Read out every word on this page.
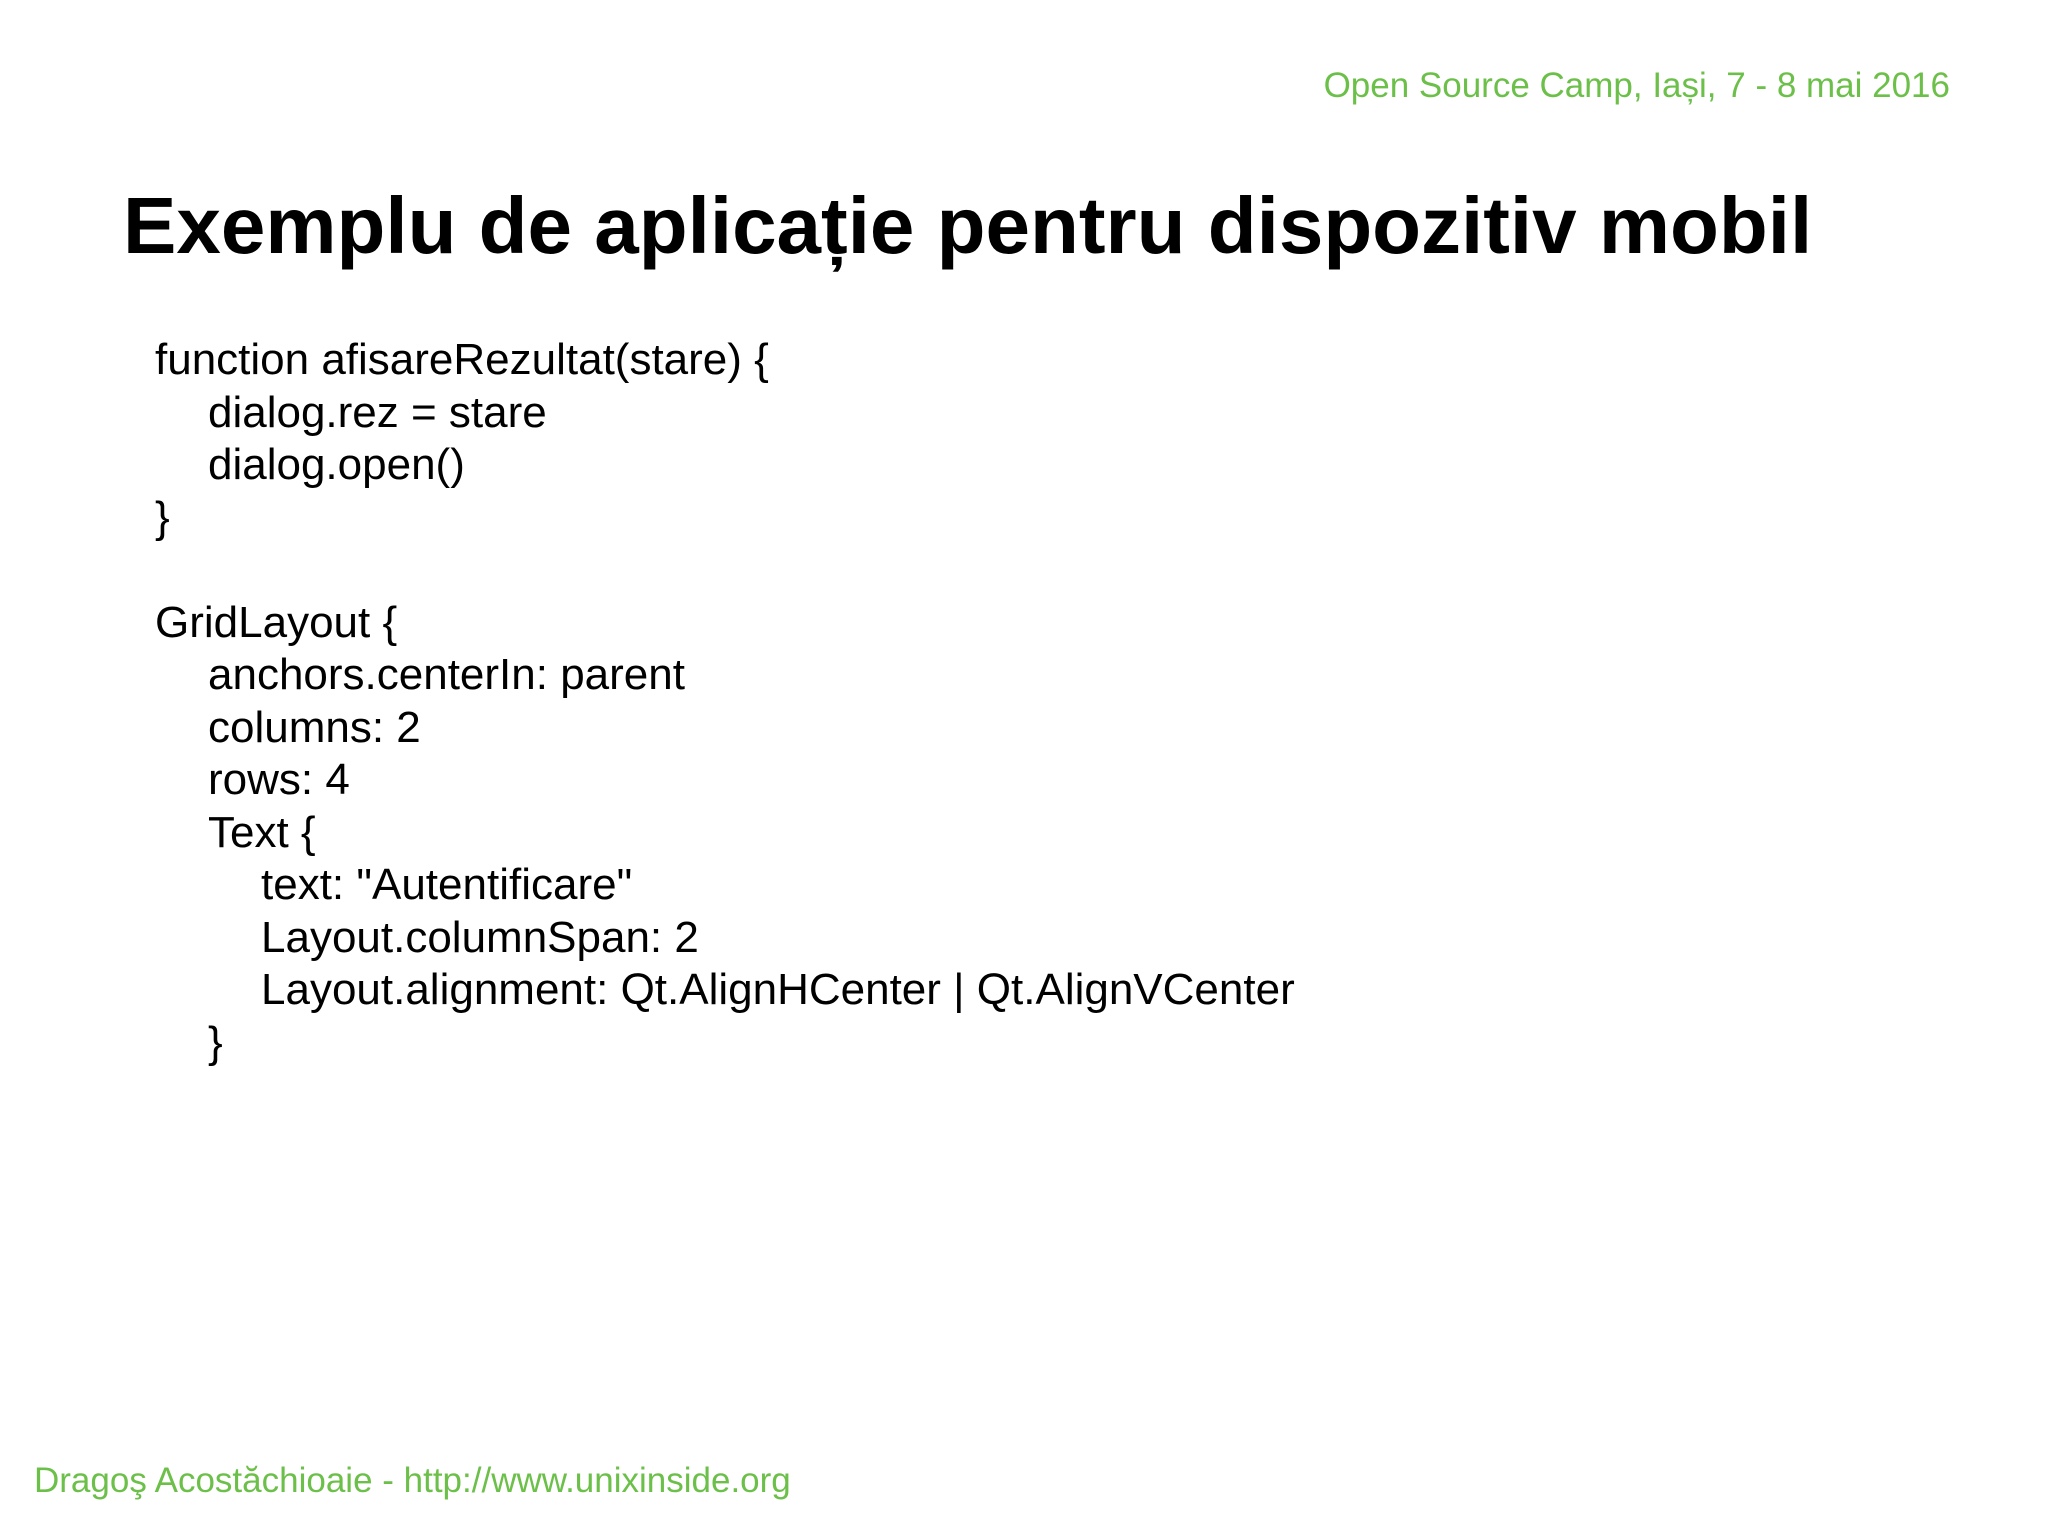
Open Source Camp, Iași, 7 - 8 mai 2016
Exemplu de aplicație pentru dispozitiv mobil
function afisareRezultat(stare) {
dialog.rez = stare
dialog.open()
}
GridLayout {
anchors.centerIn: parent
columns: 2
rows: 4
Text {
text: "Autentificare"
Layout.columnSpan: 2
Layout.alignment: Qt.AlignHCenter | Qt.AlignVCenter
}
Dragoş Acostăchioaie - http://www.unixinside.org
